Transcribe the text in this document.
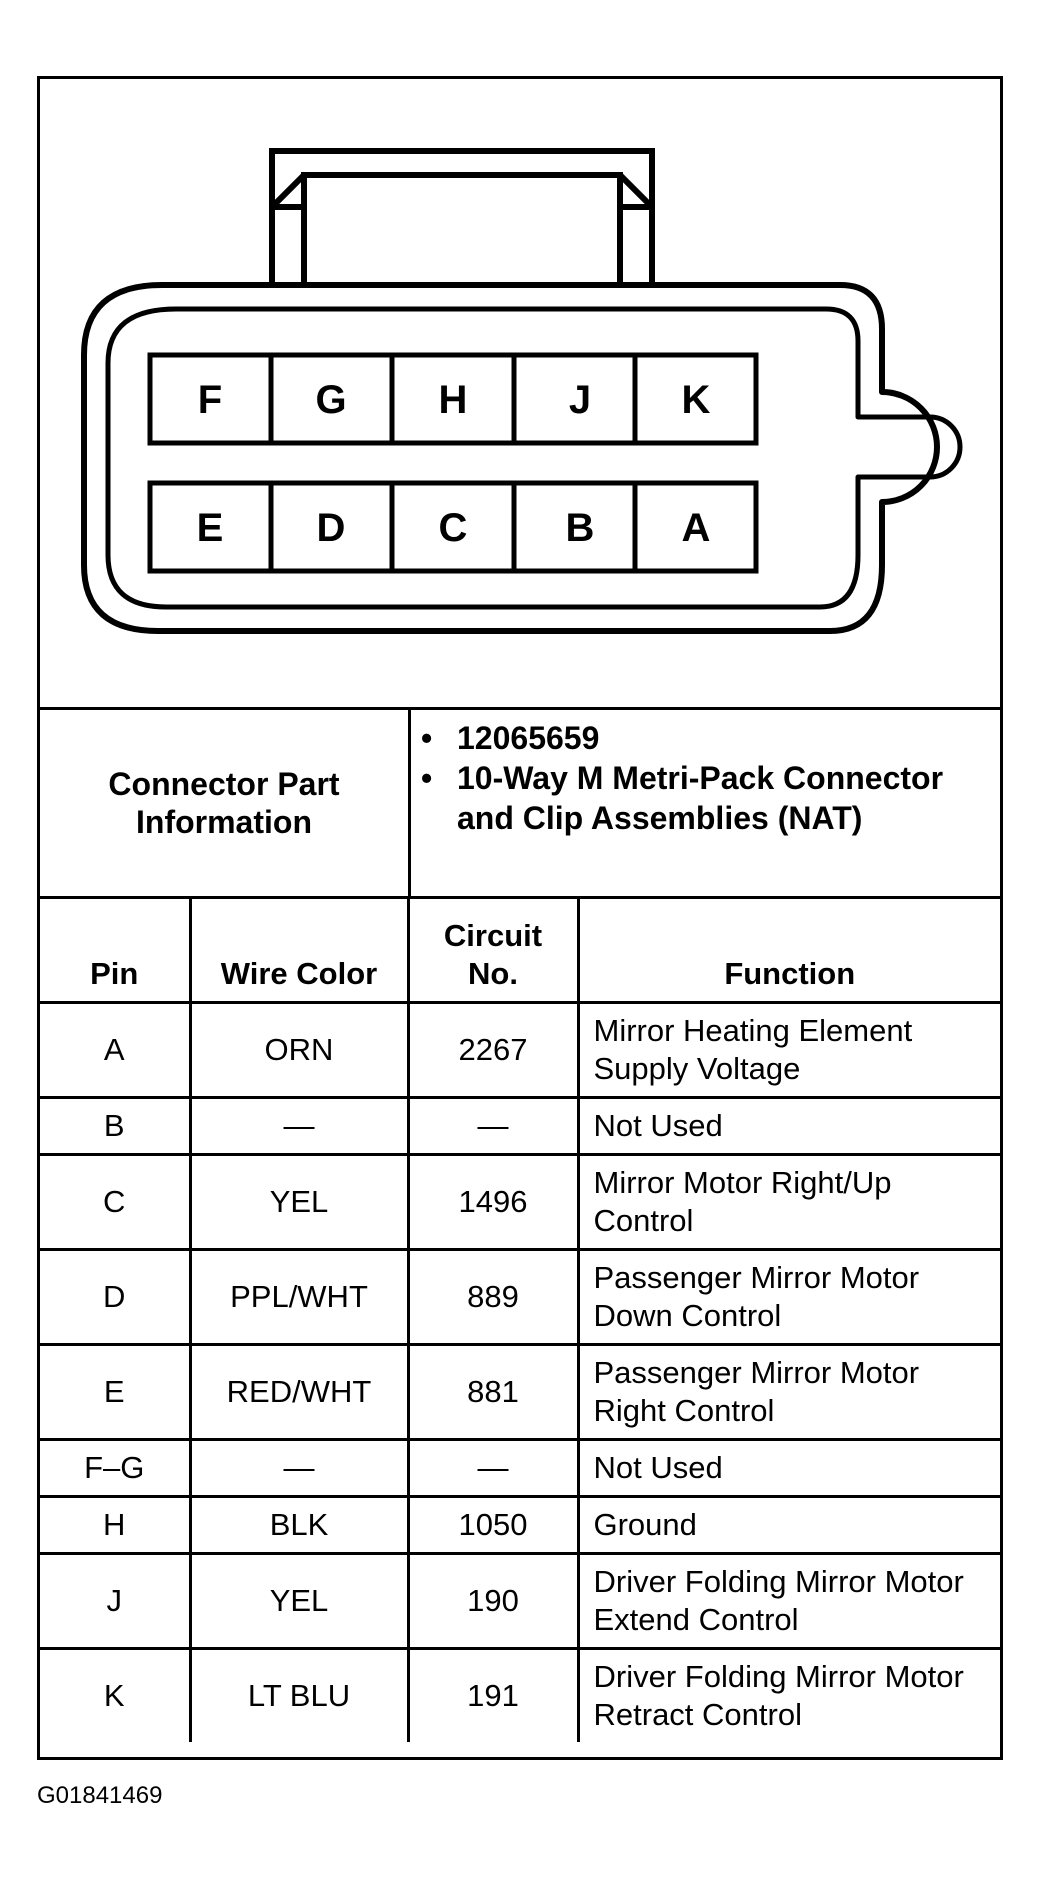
F G H	J K
E D C B A
Connector Part Information
• 12065659
• 10-Way M Metri-Pack Connector and Clip Assemblies (NAT)
Pin	Wire Color	Circuit No.	Function
A	ORN	2267	Mirror Heating Element Supply Voltage
B	—	—	Not Used
C	YEL	1496	Mirror Motor Right/Up Control
D	PPL/WHT	889	Passenger Mirror Motor Down Control
E	RED/WHT	881	Passenger Mirror Motor Right Control
F–G	—	—	Not Used
H	BLK	1050	Ground
J	YEL	190	Driver Folding Mirror Motor Extend Control
K	LT BLU	191	Driver Folding Mirror Motor Retract Control
G01841469
